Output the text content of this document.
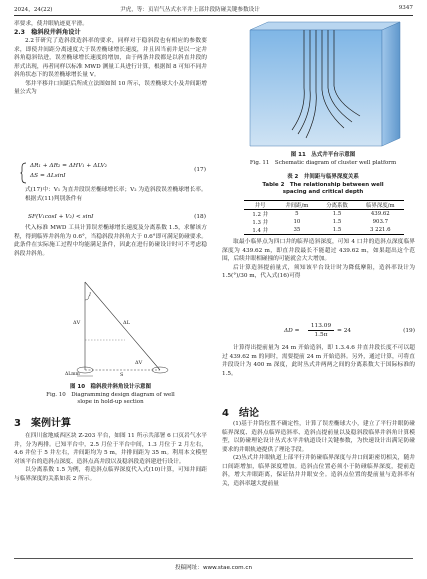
2024，24(22)	尹虎，等：页岩气丛式水平井上部井段防碰关键参数设计	9347

率要求，使井眼轨迹更平滑。

2.3　稳斜段井斜角设计

2.2节研究了造斜段造斜率的要求，同样对于稳斜段也有相应的参数要求，即使井间距分离速度大于误差椭球增长速度，并且因当前井是以一定井斜角稳斜钻进，误差椭球增长速度的增加，由于两条井段都是以斜直井段的形式出现，再者同样以标准 MWD 测量工具进行计算，根据图 8 可知不同井斜角状态下的误差椭球增长量 V。

邻井平移并口间距后所成立法图如图 10 所示，误差椭球大小及井间距增量公式为

ΔR₁ + ΔR₂ = ΔHV₁ + ΔLV₂
ΔS = ΔLsinI
(17)

式(17)中：V₁ 为直井段误差椭球增长率；V₂ 为造斜段误差椭球增长率。

根据式(11)判别条件有

SF(V₁cosI + V₂) < sinI	(18)

代入标准 MWD 工具计算误差椭球增长速度及分离系数 1.5，求解该方程，得到临界井斜角为 0.6°，当稳斜段井斜角大于 0.6°即可满足防碰要求。此条件在实际施工过程中均能满足条件，因此在进行防碰设计时可不考虑稳斜段井斜角。

I
ΔV	ΔL
ΔV
S
ΔLmm
图 10　稳斜段井斜角设计示意图
Fig. 10　Diagramming design diagram of well
slope in hold-up section
3　案例计算

在四川盆地威西区块 Z-203 平台，如图 11 所示共部署 6 口页岩气水平井，分为两排。已知平台中，2.5 月位于平台中间，1.3 月位于 2 月左右，4.6 井位于 5 井左右，井间距均为 5 m，井排间距为 35 m。利用本文模型对该平台的造斜点深度、造斜点高井段以及稳斜段造斜建进行设计。

以分离系数 1.5 为例，将造斜点临界深度代入式(10)计算，可知井间距与临界深度的关系如表 2 所示。

图 11　丛式井平台示意图
Fig. 11　Schematic diagram of cluster well platform
表 2　井间距与临界深度关系
Table 2　The relationship between well
spacing and critical depth
井号	井间距/m	分离系数	临界深度/m
1.2 井	5	1.5	439.62
1.3 井	10	1.5	903.7
1.4 井	35	1.5	3 221.6

取最小临界点为四口井的临界造斜深度，可知 4 口井的造斜点深度临界深度为 439.62 m，即直井段最长不能超过 439.62 m，如果超出这个范围，后续井眼相碰撞的可能就会大大增加。

后计算造斜提前量式，须知该平台设计时为降低摩阻，造斜率设计为 1.5(°)/30 m，代入式(16)可得

$\Delta D = \frac{113.09}{1.5\pi} = 24$	(19)

计算得出提前量为 24 m 开始造斜，即 1.3.4.6 井直井段长度不可以超过 439.62 m 的同时，需要提前 24 m 开始造斜。另外，通过计算，可将直井段设计为 400 m 深度，此时丛式井两两之间的分离系数大于国际标准的 1.5。

4　结论

(1)基于井筒位置不确定性，计算了误差椭球大小，建立了平行井眼防碰临界深度、造斜点临界造斜率、造斜点提前量以及稳斜段临界井斜角计算模型，以防碰理论设计丛式水平井轨道设计关键参数，为快速设计出满足防碰要求的井眼轨迹提供了理论手段。

(2)丛式井井眼轨道上部平行井防碰临界深度与井口间距密切相关，随井口间距增加，临界深度增加。造斜点位置必须小于防碰临界深度，提前造斜，增大井眼距离，保证钻井井眼安全。造斜点位置的提前量与造斜率有关，造斜率越大提前量

投稿网址：www.stae.com.cn
